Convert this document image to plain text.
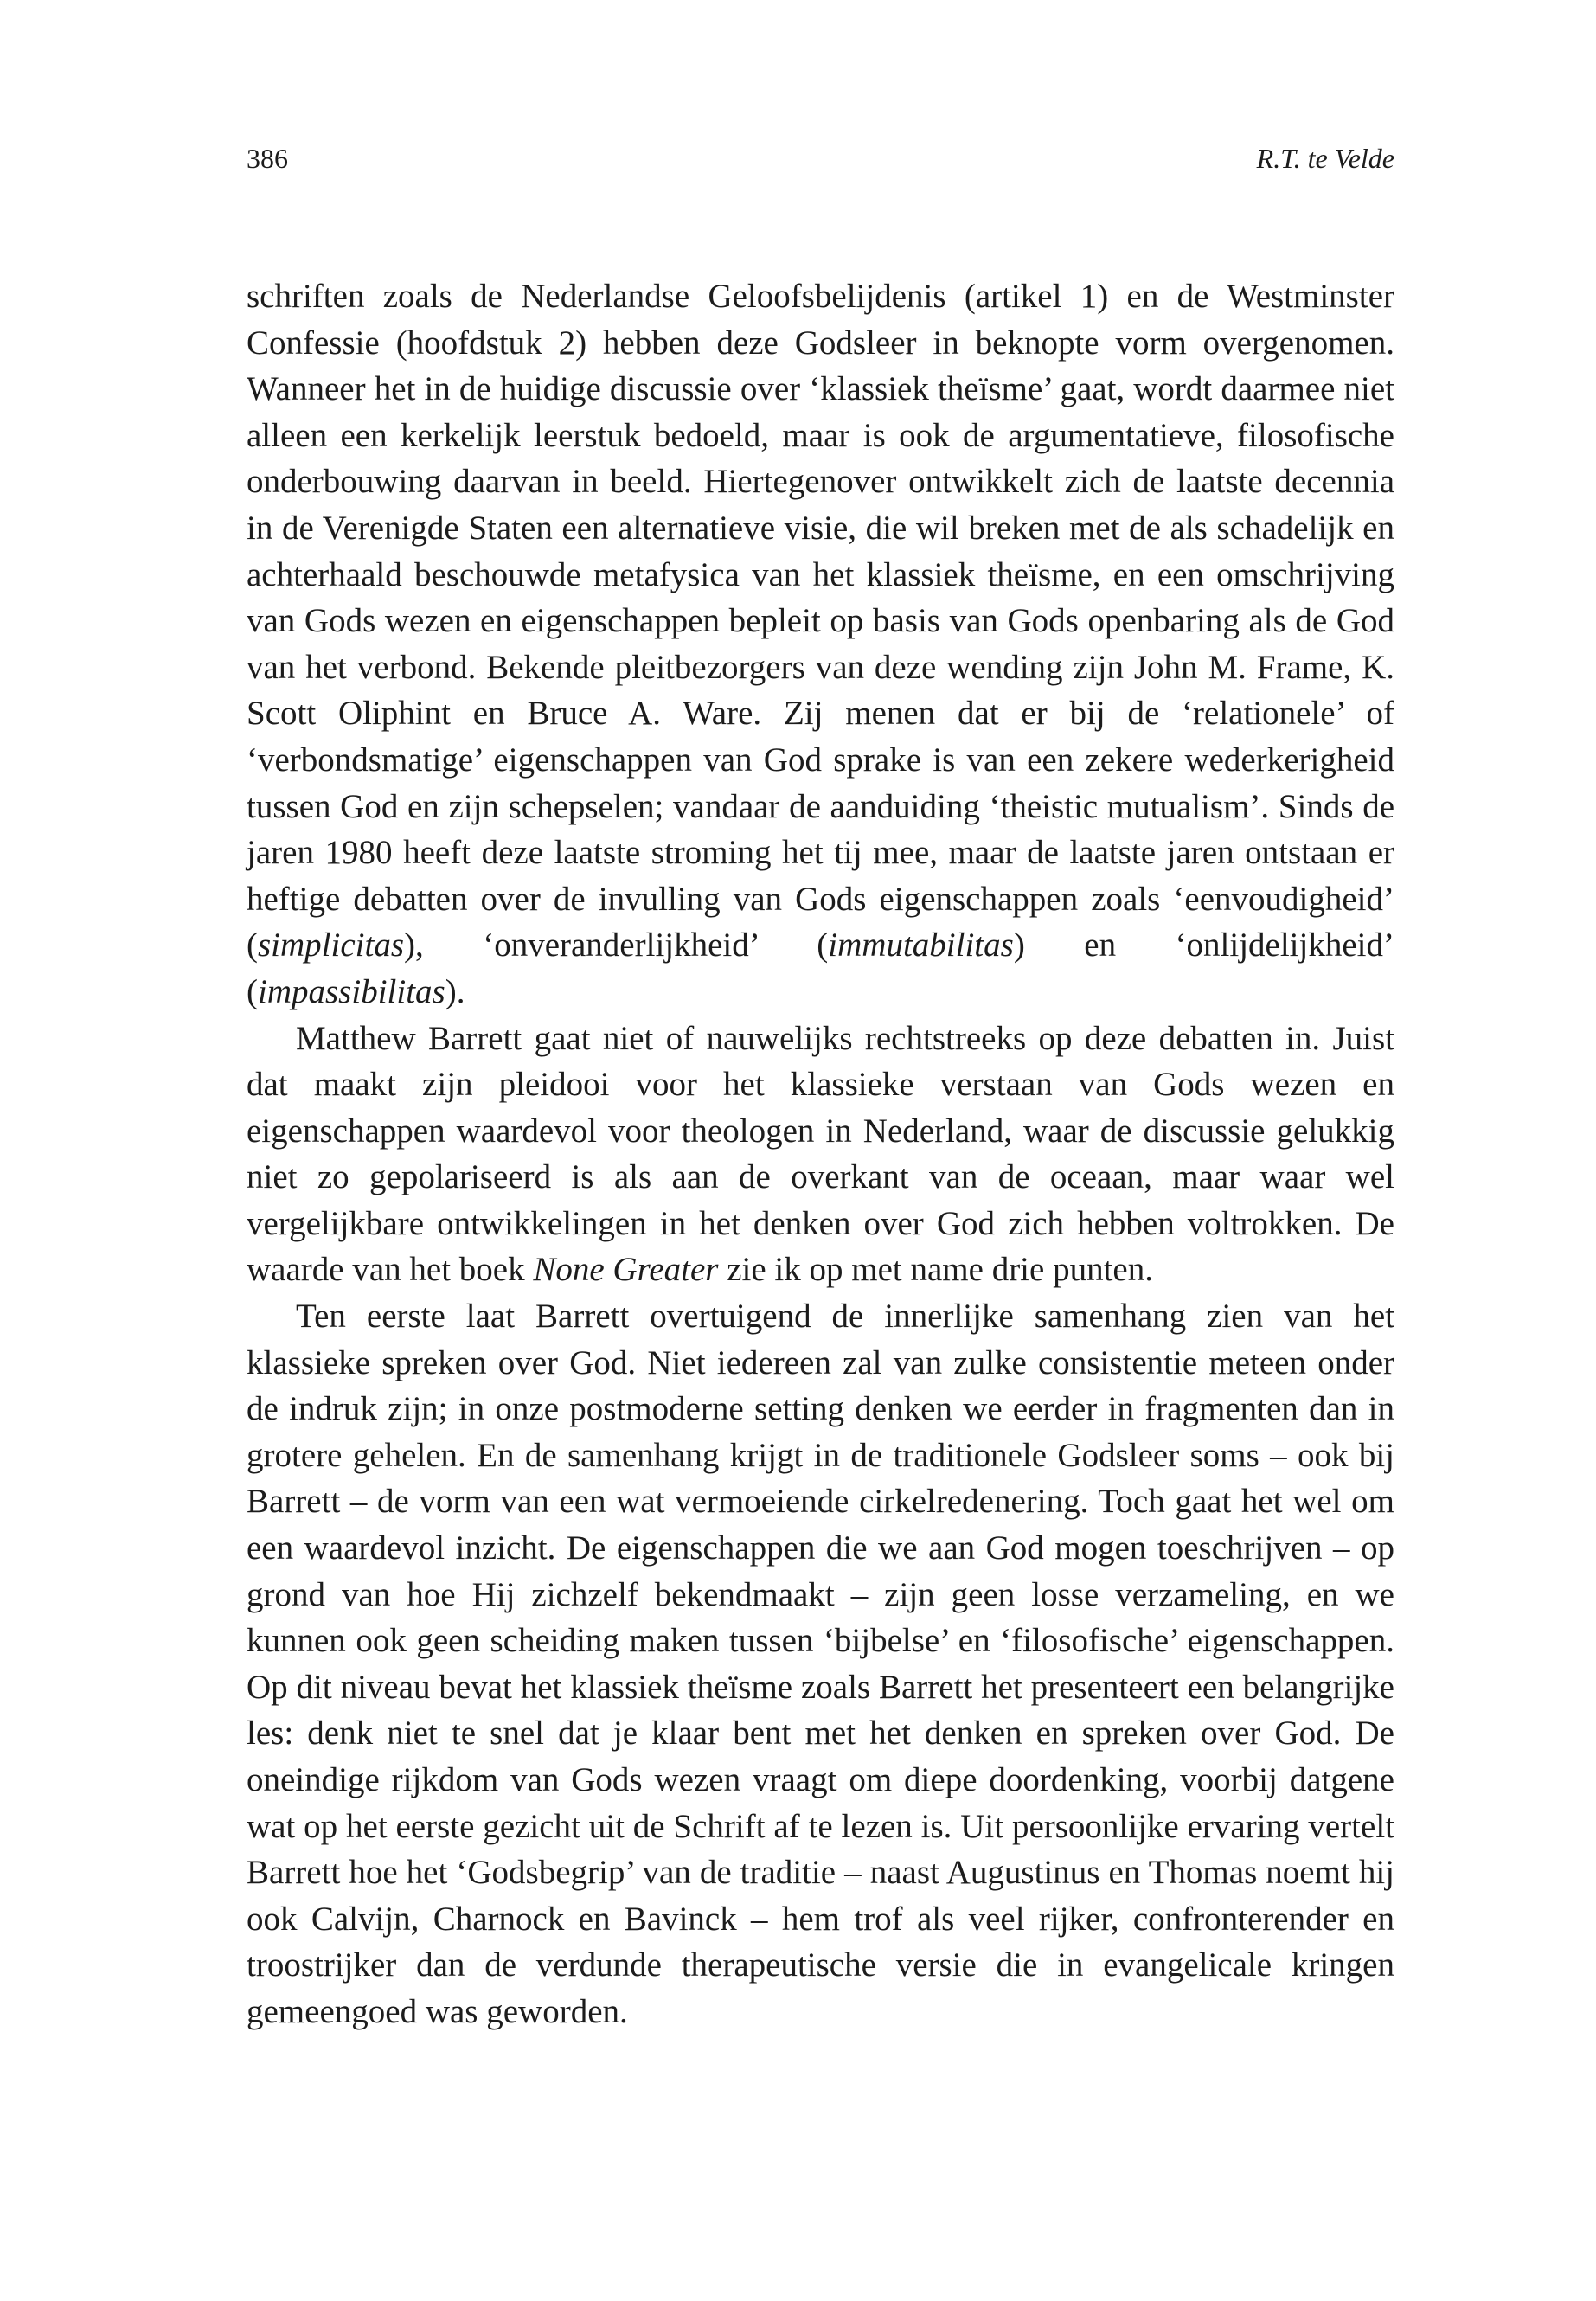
386	R.T. te Velde

schriften zoals de Nederlandse Geloofsbelijdenis (artikel 1) en de Westminster Confessie (hoofdstuk 2) hebben deze Godsleer in beknopte vorm overgenomen. Wanneer het in de huidige discussie over ‘klassiek theïsme’ gaat, wordt daarmee niet alleen een kerkelijk leerstuk bedoeld, maar is ook de argumentatieve, filosofische onderbouwing daarvan in beeld. Hiertegenover ontwikkelt zich de laatste decennia in de Verenigde Staten een alternatieve visie, die wil breken met de als schadelijk en achterhaald beschouwde metafysica van het klassiek theïsme, en een omschrijving van Gods wezen en eigenschappen bepleit op basis van Gods openbaring als de God van het verbond. Bekende pleitbezorgers van deze wending zijn John M. Frame, K. Scott Oliphint en Bruce A. Ware. Zij menen dat er bij de ‘relationele’ of ‘verbondsmatige’ eigenschappen van God sprake is van een zekere wederkerigheid tussen God en zijn schepselen; vandaar de aanduiding ‘theistic mutualism’. Sinds de jaren 1980 heeft deze laatste stroming het tij mee, maar de laatste jaren ontstaan er heftige debatten over de invulling van Gods eigenschappen zoals ‘eenvoudigheid’ (simplicitas), ‘onveranderlijkheid’ (immutabilitas) en ‘onlijdelijkheid’ (impassibilitas).

Matthew Barrett gaat niet of nauwelijks rechtstreeks op deze debatten in. Juist dat maakt zijn pleidooi voor het klassieke verstaan van Gods wezen en eigenschappen waardevol voor theologen in Nederland, waar de discussie gelukkig niet zo gepolariseerd is als aan de overkant van de oceaan, maar waar wel vergelijkbare ontwikkelingen in het denken over God zich hebben voltrokken. De waarde van het boek None Greater zie ik op met name drie punten.

Ten eerste laat Barrett overtuigend de innerlijke samenhang zien van het klassieke spreken over God. Niet iedereen zal van zulke consistentie meteen onder de indruk zijn; in onze postmoderne setting denken we eerder in fragmenten dan in grotere gehelen. En de samenhang krijgt in de traditionele Godsleer soms – ook bij Barrett – de vorm van een wat vermoeiende cirkelredenering. Toch gaat het wel om een waardevol inzicht. De eigenschappen die we aan God mogen toeschrijven – op grond van hoe Hij zichzelf bekendmaakt – zijn geen losse verzameling, en we kunnen ook geen scheiding maken tussen ‘bijbelse’ en ‘filosofische’ eigenschappen. Op dit niveau bevat het klassiek theïsme zoals Barrett het presenteert een belangrijke les: denk niet te snel dat je klaar bent met het denken en spreken over God. De oneindige rijkdom van Gods wezen vraagt om diepe doordenking, voorbij datgene wat op het eerste gezicht uit de Schrift af te lezen is. Uit persoonlijke ervaring vertelt Barrett hoe het ‘Godsbegrip’ van de traditie – naast Augustinus en Thomas noemt hij ook Calvijn, Charnock en Bavinck – hem trof als veel rijker, confronterender en troostrijker dan de verdunde therapeutische versie die in evangelicale kringen gemeengoed was geworden.
